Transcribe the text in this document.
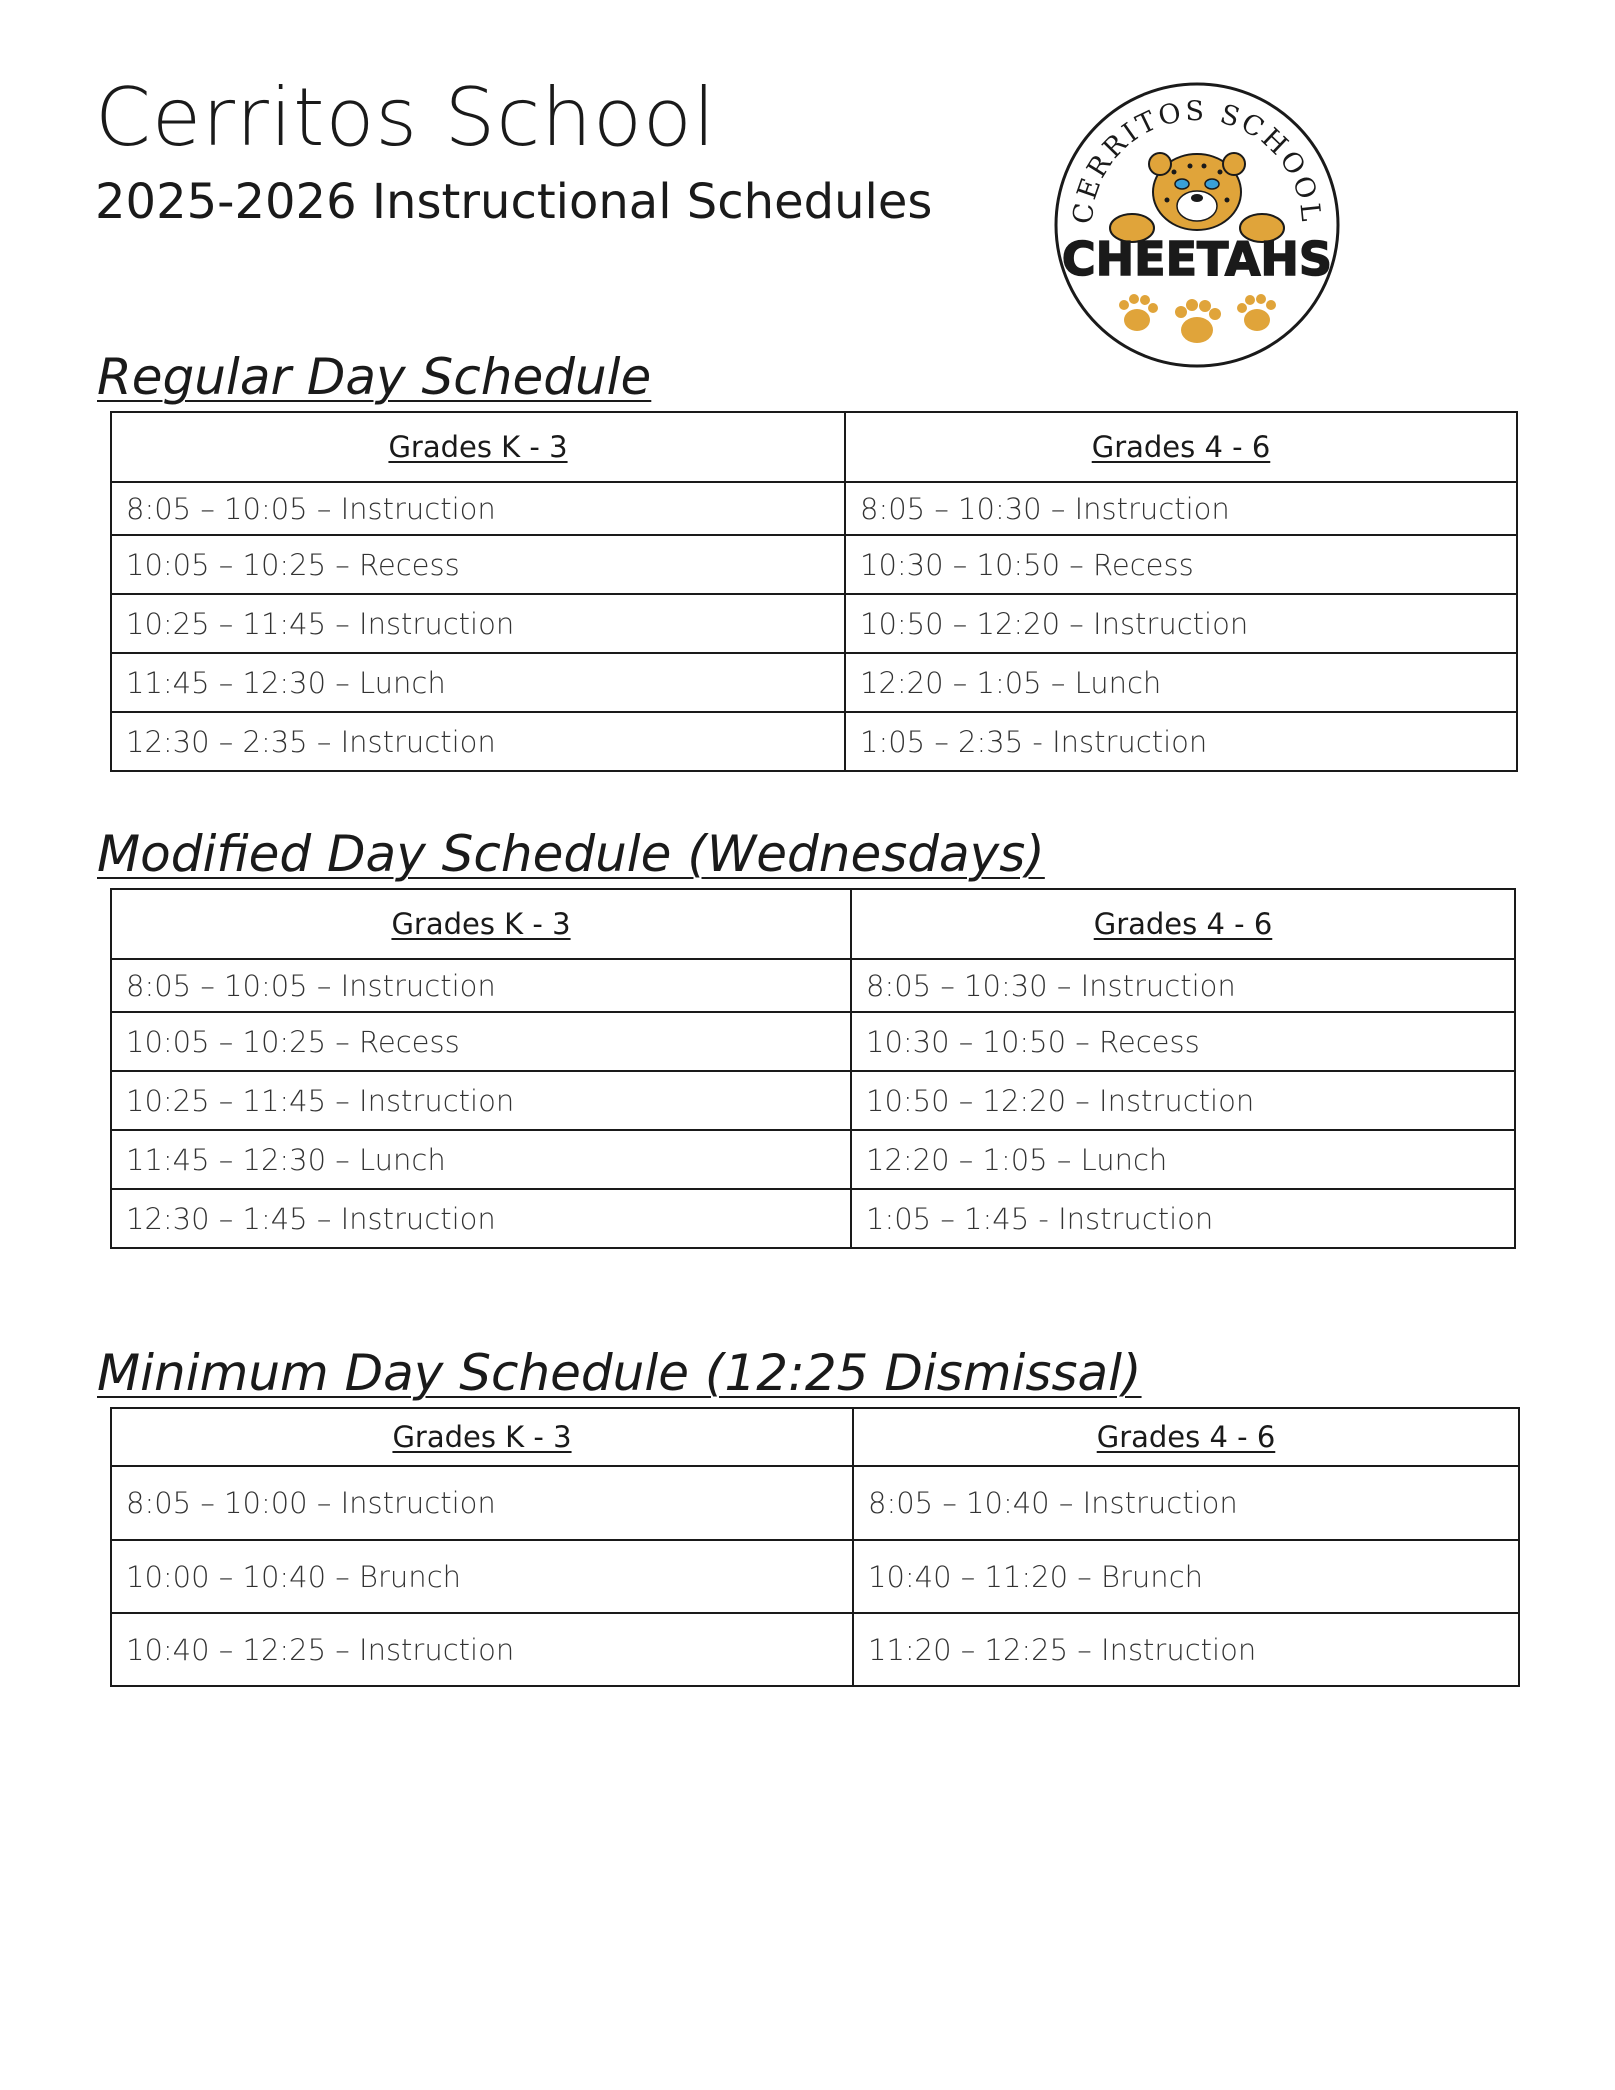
Cerritos School
2025-2026 Instructional Schedules	CERRITOS SCHOOL
CHEETAHS
Regular Day Schedule
Grades K - 3	Grades 4 - 6
8:05 – 10:05 – Instruction	8:05 – 10:30 – Instruction
10:05 – 10:25 – Recess	10:30 – 10:50 – Recess
10:25 – 11:45 – Instruction	10:50 – 12:20 – Instruction
11:45 – 12:30 – Lunch	12:20 – 1:05 – Lunch
12:30 – 2:35 – Instruction	1:05 – 2:35 - Instruction
Modified Day Schedule (Wednesdays)
Grades K - 3	Grades 4 - 6
8:05 – 10:05 – Instruction	8:05 – 10:30 – Instruction
10:05 – 10:25 – Recess	10:30 – 10:50 – Recess
10:25 – 11:45 – Instruction	10:50 – 12:20 – Instruction
11:45 – 12:30 – Lunch	12:20 – 1:05 – Lunch
12:30 – 1:45 – Instruction	1:05 – 1:45 - Instruction
Minimum Day Schedule (12:25 Dismissal)
Grades K - 3	Grades 4 - 6
8:05 – 10:00 – Instruction	8:05 – 10:40 – Instruction
10:00 – 10:40 – Brunch	10:40 – 11:20 – Brunch
10:40 – 12:25 – Instruction	11:20 – 12:25 – Instruction
